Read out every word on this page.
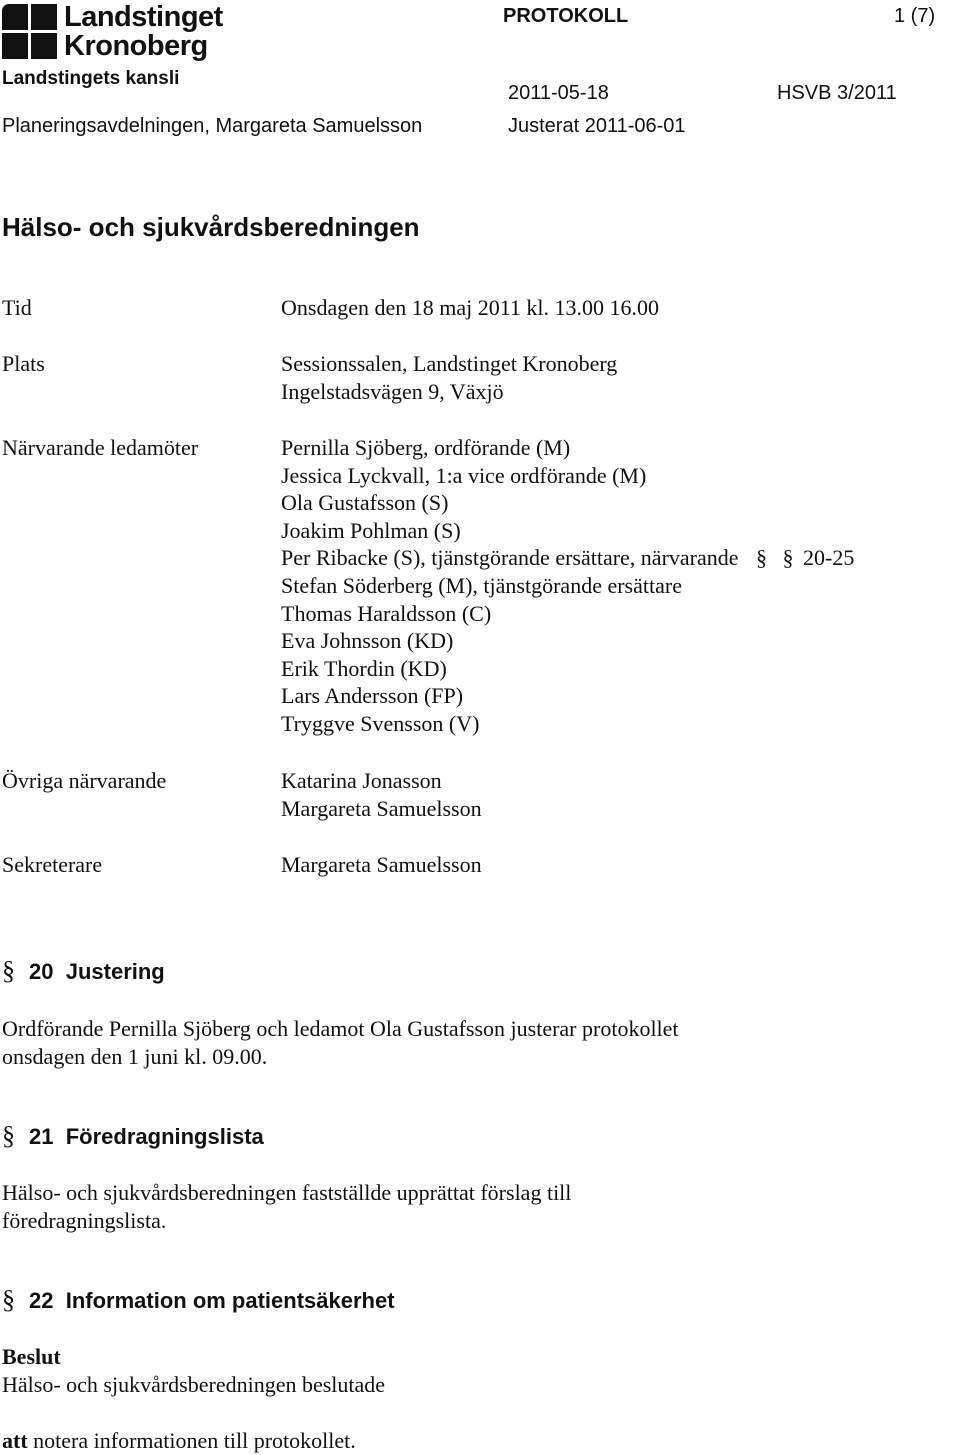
Landstinget
Kronoberg
PROTOKOLL	1 (7)
Landstingets kansli
2011-05-18	HSVB 3/2011
Planeringsavdelningen, Margareta Samuelsson	Justerat 2011-06-01
Hälso- och sjukvårdsberedningen
Tid	Onsdagen den 18 maj 2011 kl. 13.00 16.00
Plats	Sessionssalen, Landstinget Kronoberg
Ingelstadsvägen 9, Växjö
Närvarande ledamöter	Pernilla Sjöberg, ordförande (M)
Jessica Lyckvall, 1:a vice ordförande (M)
Ola Gustafsson (S)
Joakim Pohlman (S)
Per Ribacke (S), tjänstgörande ersättare, närvarande § § 20-25
Stefan Söderberg (M), tjänstgörande ersättare
Thomas Haraldsson (C)
Eva Johnsson (KD)
Erik Thordin (KD)
Lars Andersson (FP)
Tryggve Svensson (V)
Övriga närvarande	Katarina Jonasson
Margareta Samuelsson
Sekreterare	Margareta Samuelsson
§ 20 Justering
Ordförande Pernilla Sjöberg och ledamot Ola Gustafsson justerar protokollet
onsdagen den 1 juni kl. 09.00.
§ 21 Föredragningslista
Hälso- och sjukvårdsberedningen fastställde upprättat förslag till
föredragningslista.
§ 22 Information om patientsäkerhet
Beslut
Hälso- och sjukvårdsberedningen beslutade
att notera informationen till protokollet.
